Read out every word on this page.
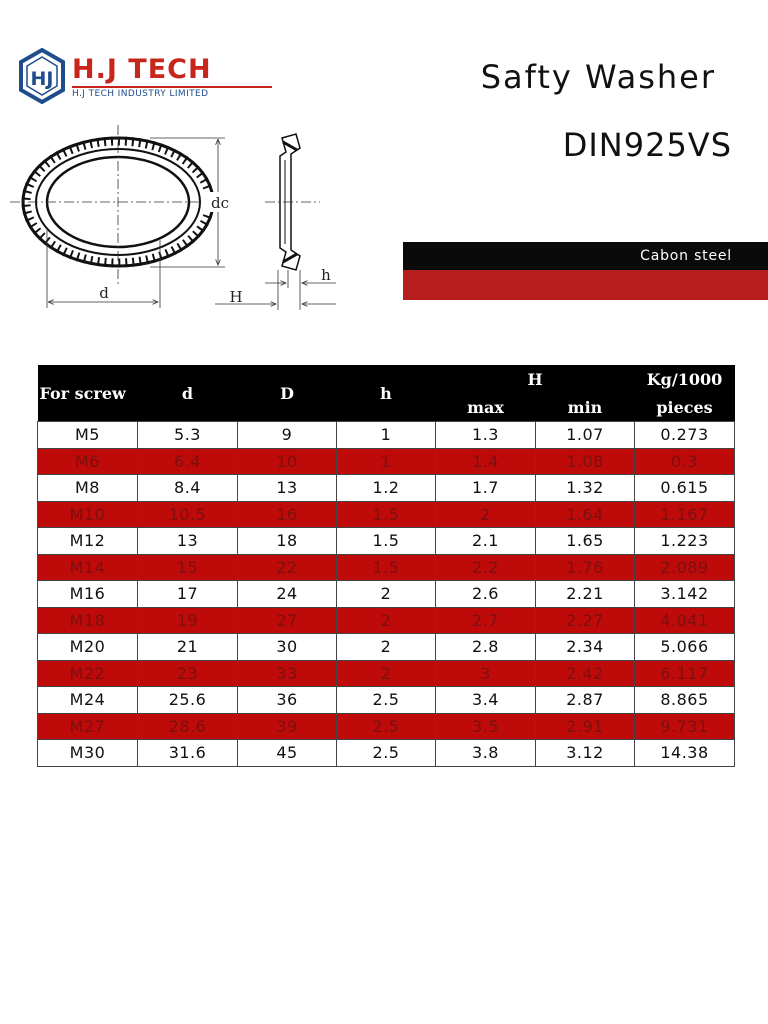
HJ H.J TECH
H.J TECH INDUSTRY LIMITED	Safty Washer
DIN925VS
d
dc
H
h
Cabon steel
For screw	d	D	h	H		Kg/1000
				max	min	pieces
M5	5.3	9	1	1.3	1.07	0.273
M6	6.4	10	1	1.4	1.08	0.3
M8	8.4	13	1.2	1.7	1.32	0.615
M10	10.5	16	1.5	2	1.64	1.167
M12	13	18	1.5	2.1	1.65	1.223
M14	15	22	1.5	2.2	1.76	2.089
M16	17	24	2	2.6	2.21	3.142
M18	19	27	2	2.7	2.27	4.041
M20	21	30	2	2.8	2.34	5.066
M22	23	33	2	3	2.42	6.117
M24	25.6	36	2.5	3.4	2.87	8.865
M27	28.6	39	2.5	3.5	2.91	9.731
M30	31.6	45	2.5	3.8	3.12	14.38
